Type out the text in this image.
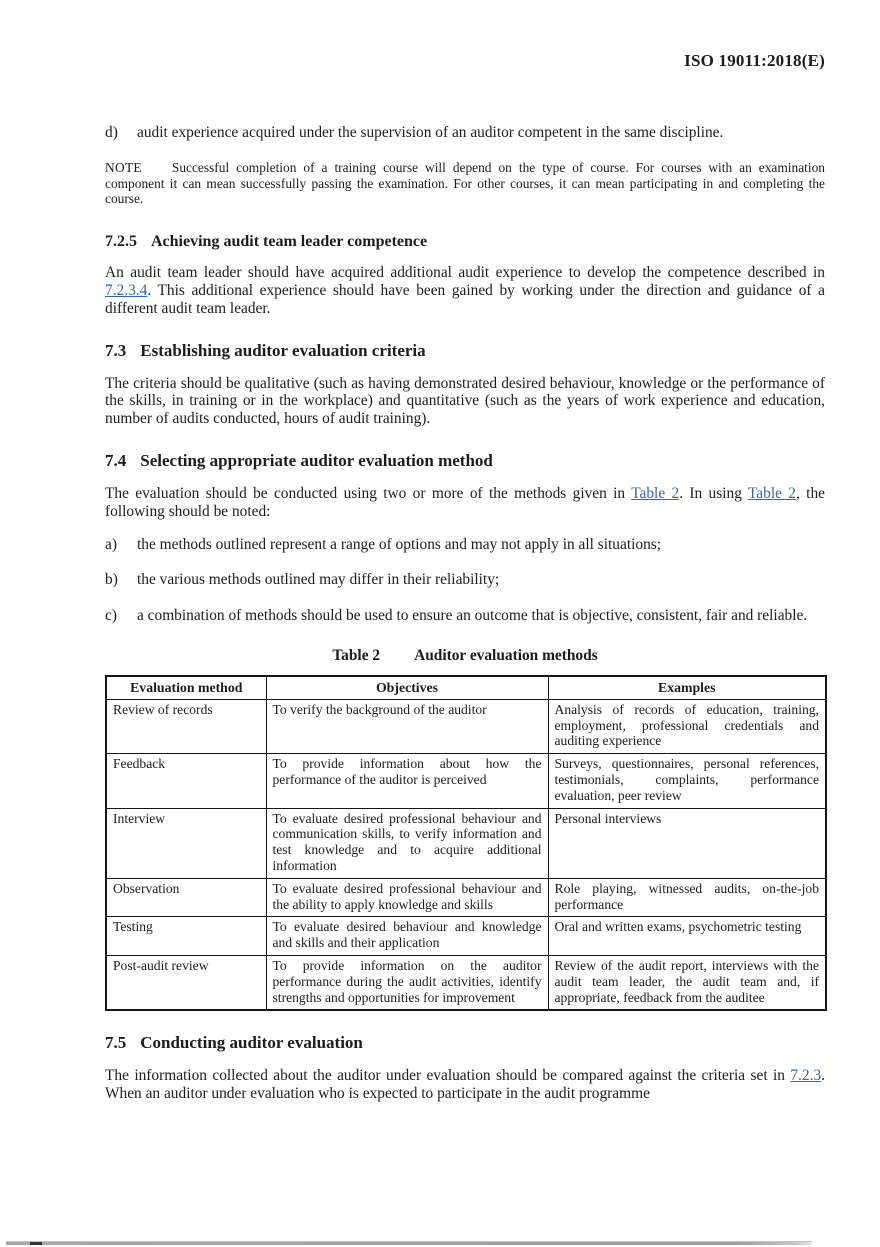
ISO 19011:2018(E)
d) audit experience acquired under the supervision of an auditor competent in the same discipline.

NOTE Successful completion of a training course will depend on the type of course. For courses with an examination component it can mean successfully passing the examination. For other courses, it can mean participating in and completing the course.

7.2.5 Achieving audit team leader competence

An audit team leader should have acquired additional audit experience to develop the competence described in 7.2.3.4. This additional experience should have been gained by working under the direction and guidance of a different audit team leader.

7.3 Establishing auditor evaluation criteria

The criteria should be qualitative (such as having demonstrated desired behaviour, knowledge or the performance of the skills, in training or in the workplace) and quantitative (such as the years of work experience and education, number of audits conducted, hours of audit training).

7.4 Selecting appropriate auditor evaluation method

The evaluation should be conducted using two or more of the methods given in Table 2. In using Table 2, the following should be noted:

a) the methods outlined represent a range of options and may not apply in all situations;
b) the various methods outlined may differ in their reliability;
c) a combination of methods should be used to ensure an outcome that is objective, consistent, fair and reliable.
Table 2 Auditor evaluation methods
Evaluation method	Objectives	Examples
Review of records	To verify the background of the auditor	Analysis of records of education, training, employment, professional credentials and auditing experience
Feedback	To provide information about how the performance of the auditor is perceived	Surveys, questionnaires, personal references, testimonials, complaints, performance evaluation, peer review
Interview	To evaluate desired professional behaviour and communication skills, to verify information and test knowledge and to acquire additional information	Personal interviews
Observation	To evaluate desired professional behaviour and the ability to apply knowledge and skills	Role playing, witnessed audits, on-the-job performance
Testing	To evaluate desired behaviour and knowledge and skills and their application	Oral and written exams, psychometric testing
Post-audit review	To provide information on the auditor performance during the audit activities, identify strengths and opportunities for improvement	Review of the audit report, interviews with the audit team leader, the audit team and, if appropriate, feedback from the auditee
7.5 Conducting auditor evaluation

The information collected about the auditor under evaluation should be compared against the criteria set in 7.2.3. When an auditor under evaluation who is expected to participate in the audit programme
